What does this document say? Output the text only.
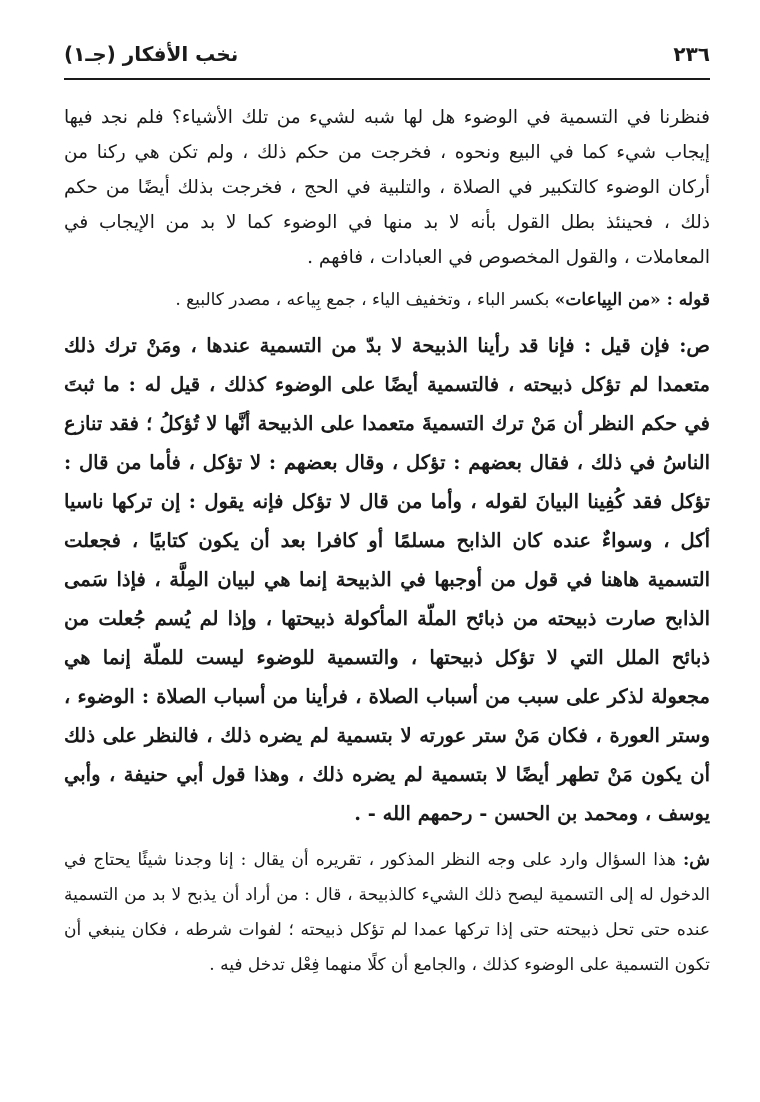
٢٣٦
نخب الأفكار (جـ١)

فنظرنا في التسمية في الوضوء هل لها شبه لشيء من تلك الأشياء؟ فلم نجد فيها إيجاب شيء كما في البيع ونحوه ، فخرجت من حكم ذلك ، ولم تكن هي ركنا من أركان الوضوء كالتكبير في الصلاة ، والتلبية في الحج ، فخرجت بذلك أيضًا من حكم ذلك ، فحينئذ بطل القول بأنه لا بد منها في الوضوء كما لا بد من الإيجاب في المعاملات ، والقول المخصوص في العبادات ، فافهم .

قوله : «من البِياعات» بكسر الباء ، وتخفيف الياء ، جمع بِياعه ، مصدر كالبيع .

ص: فإن قيل : فإنا قد رأينا الذبيحة لا بدّ من التسمية عندها ، ومَنْ ترك ذلك متعمدا لم تؤكل ذبيحته ، فالتسمية أيضًا على الوضوء كذلك ، قيل له : ما ثبتَ في حكم النظر أن مَنْ ترك التسميةَ متعمدا على الذبيحة أنَّها لا تُؤكلُ ؛ فقد تنازع الناسُ في ذلك ، فقال بعضهم : تؤكل ، وقال بعضهم : لا تؤكل ، فأما من قال : تؤكل فقد كُفِينا البيانَ لقوله ، وأما من قال لا تؤكل فإنه يقول : إن تركها ناسيا أكل ، وسواءٌ عنده كان الذابح مسلمًا أو كافرا بعد أن يكون كتابيًا ، فجعلت التسمية هاهنا في قول من أوجبها في الذبيحة إنما هي لبيان المِلَّة ، فإذا سَمى الذابح صارت ذبيحته من ذبائح الملّة المأكولة ذبيحتها ، وإذا لم يُسم جُعلت من ذبائح الملل التي لا تؤكل ذبيحتها ، والتسمية للوضوء ليست للملّة إنما هي مجعولة لذكر على سبب من أسباب الصلاة ، فرأينا من أسباب الصلاة : الوضوء ، وستر العورة ، فكان مَنْ ستر عورته لا بتسمية لم يضره ذلك ، فالنظر على ذلك أن يكون مَنْ تطهر أيضًا لا بتسمية لم يضره ذلك ، وهذا قول أبي حنيفة ، وأبي يوسف ، ومحمد بن الحسن - رحمهم الله - .

ش: هذا السؤال وارد على وجه النظر المذكور ، تقريره أن يقال : إنا وجدنا شيئًا يحتاج في الدخول له إلى التسمية ليصح ذلك الشيء كالذبيحة ، قال : من أراد أن يذبح لا بد من التسمية عنده حتى تحل ذبيحته حتى إذا تركها عمدا لم تؤكل ذبيحته ؛ لفوات شرطه ، فكان ينبغي أن تكون التسمية على الوضوء كذلك ، والجامع أن كلًا منهما فِعْل تدخل فيه .
